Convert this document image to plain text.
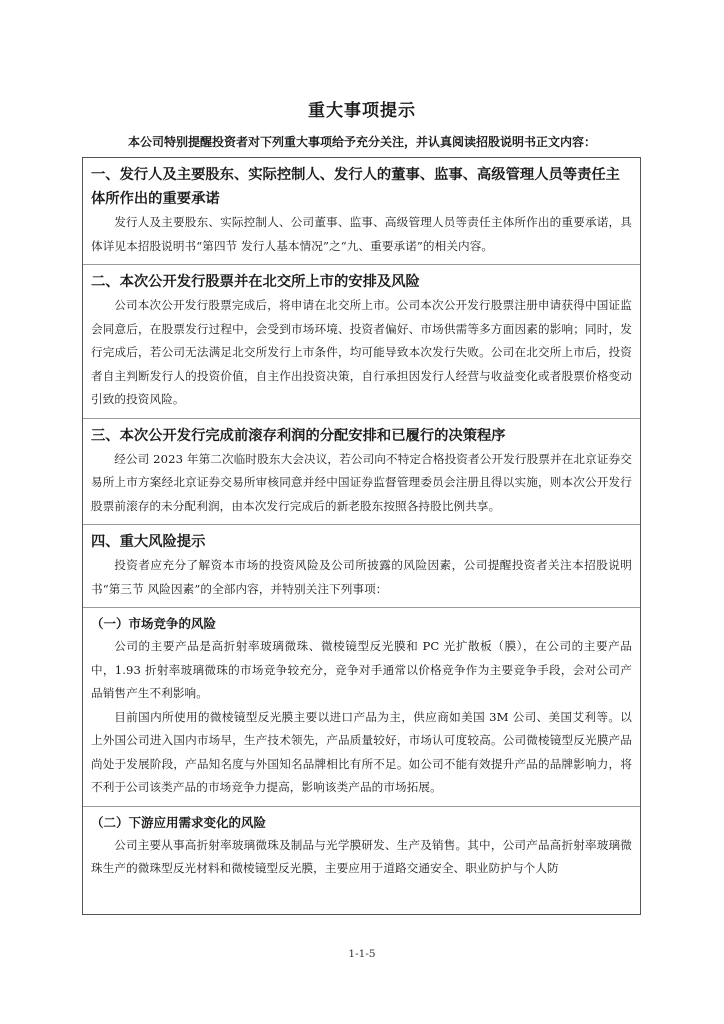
重大事项提示
本公司特别提醒投资者对下列重大事项给予充分关注，并认真阅读招股说明书正文内容：

一、发行人及主要股东、实际控制人、发行人的董事、监事、高级管理人员等责任主体所作出的重要承诺

发行人及主要股东、实际控制人、公司董事、监事、高级管理人员等责任主体所作出的重要承诺，具体详见本招股说明书“第四节 发行人基本情况”之“九、重要承诺”的相关内容。

二、本次公开发行股票并在北交所上市的安排及风险

公司本次公开发行股票完成后，将申请在北交所上市。公司本次公开发行股票注册申请获得中国证监会同意后，在股票发行过程中，会受到市场环境、投资者偏好、市场供需等多方面因素的影响；同时，发行完成后，若公司无法满足北交所发行上市条件，均可能导致本次发行失败。公司在北交所上市后，投资者自主判断发行人的投资价值，自主作出投资决策，自行承担因发行人经营与收益变化或者股票价格变动引致的投资风险。

三、本次公开发行完成前滚存利润的分配安排和已履行的决策程序

经公司 2023 年第二次临时股东大会决议，若公司向不特定合格投资者公开发行股票并在北京证券交易所上市方案经北京证券交易所审核同意并经中国证券监督管理委员会注册且得以实施，则本次公开发行股票前滚存的未分配利润，由本次发行完成后的新老股东按照各持股比例共享。

四、重大风险提示

投资者应充分了解资本市场的投资风险及公司所披露的风险因素，公司提醒投资者关注本招股说明书“第三节 风险因素”的全部内容，并特别关注下列事项：

（一）市场竞争的风险

公司的主要产品是高折射率玻璃微珠、微棱镜型反光膜和 PC 光扩散板（膜），在公司的主要产品中，1.93 折射率玻璃微珠的市场竞争较充分，竞争对手通常以价格竞争作为主要竞争手段，会对公司产品销售产生不利影响。

目前国内所使用的微棱镜型反光膜主要以进口产品为主，供应商如美国 3M 公司、美国艾利等。以上外国公司进入国内市场早，生产技术领先，产品质量较好，市场认可度较高。公司微棱镜型反光膜产品尚处于发展阶段，产品知名度与外国知名品牌相比有所不足。如公司不能有效提升产品的品牌影响力，将不利于公司该类产品的市场竞争力提高，影响该类产品的市场拓展。

（二）下游应用需求变化的风险

公司主要从事高折射率玻璃微珠及制品与光学膜研发、生产及销售。其中，公司产品高折射率玻璃微珠生产的微珠型反光材料和微棱镜型反光膜，主要应用于道路交通安全、职业防护与个人防

1-1-5
